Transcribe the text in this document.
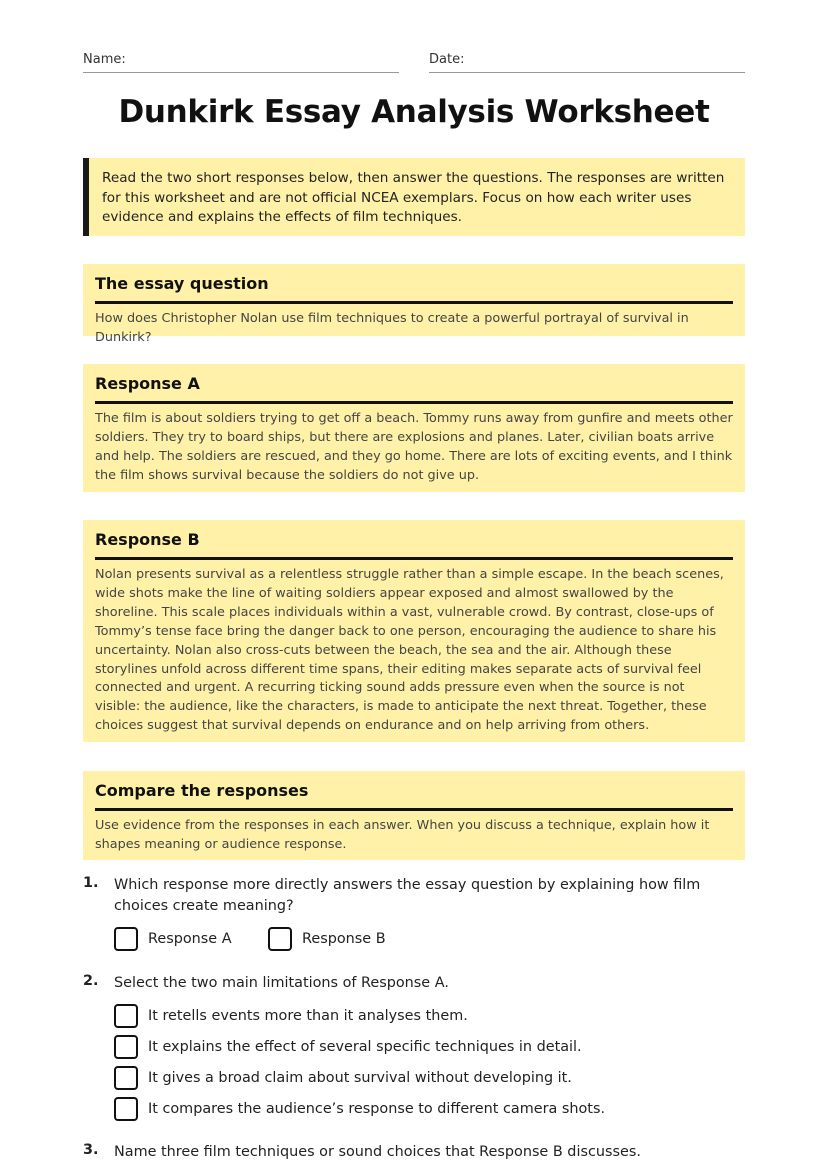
Name:	Date:
Dunkirk Essay Analysis Worksheet
Read the two short responses below, then answer the questions. The responses are written for this worksheet and are not official NCEA exemplars. Focus on how each writer uses evidence and explains the effects of film techniques.
The essay question

How does Christopher Nolan use film techniques to create a powerful portrayal of survival in Dunkirk?

Response A

The film is about soldiers trying to get off a beach. Tommy runs away from gunfire and meets other soldiers. They try to board ships, but there are explosions and planes. Later, civilian boats arrive and help. The soldiers are rescued, and they go home. There are lots of exciting events, and I think the film shows survival because the soldiers do not give up.

Response B

Nolan presents survival as a relentless struggle rather than a simple escape. In the beach scenes, wide shots make the line of waiting soldiers appear exposed and almost swallowed by the shoreline. This scale places individuals within a vast, vulnerable crowd. By contrast, close-ups of Tommy’s tense face bring the danger back to one person, encouraging the audience to share his uncertainty. Nolan also cross-cuts between the beach, the sea and the air. Although these storylines unfold across different time spans, their editing makes separate acts of survival feel connected and urgent. A recurring ticking sound adds pressure even when the source is not visible: the audience, like the characters, is made to anticipate the next threat. Together, these choices suggest that survival depends on endurance and on help arriving from others.

Compare the responses

Use evidence from the responses in each answer. When you discuss a technique, explain how it shapes meaning or audience response.

1. Which response more directly answers the essay question by explaining how film choices create meaning?
Response A	Response B
2. Select the two main limitations of Response A.
It retells events more than it analyses them.
It explains the effect of several specific techniques in detail.
It gives a broad claim about survival without developing it.
It compares the audience’s response to different camera shots.
3. Name three film techniques or sound choices that Response B discusses.
